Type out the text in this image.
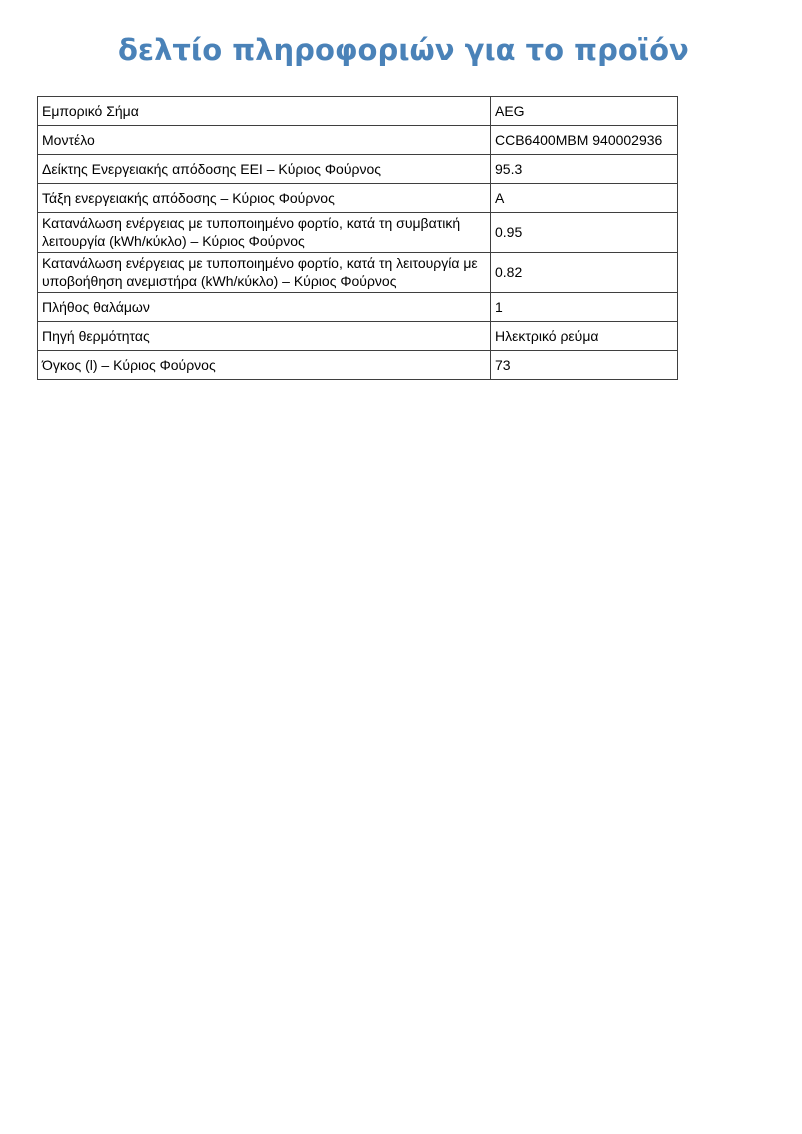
δελτίο πληροφοριών για το προϊόν
Εμπορικό Σήμα	AEG
Μοντέλο	CCB6400MBM 940002936
Δείκτης Ενεργειακής απόδοσης EEI – Κύριος Φούρνος	95.3
Τάξη ενεργειακής απόδοσης – Κύριος Φούρνος	A
Κατανάλωση ενέργειας με τυποποιημένο φορτίο, κατά τη συμβατική λειτουργία (kWh/κύκλο) – Κύριος Φούρνος	0.95
Κατανάλωση ενέργειας με τυποποιημένο φορτίο, κατά τη λειτουργία με υποβοήθηση ανεμιστήρα (kWh/κύκλο) – Κύριος Φούρνος	0.82
Πλήθος θαλάμων	1
Πηγή θερμότητας	Ηλεκτρικό ρεύμα
Όγκος (l) – Κύριος Φούρνος	73
